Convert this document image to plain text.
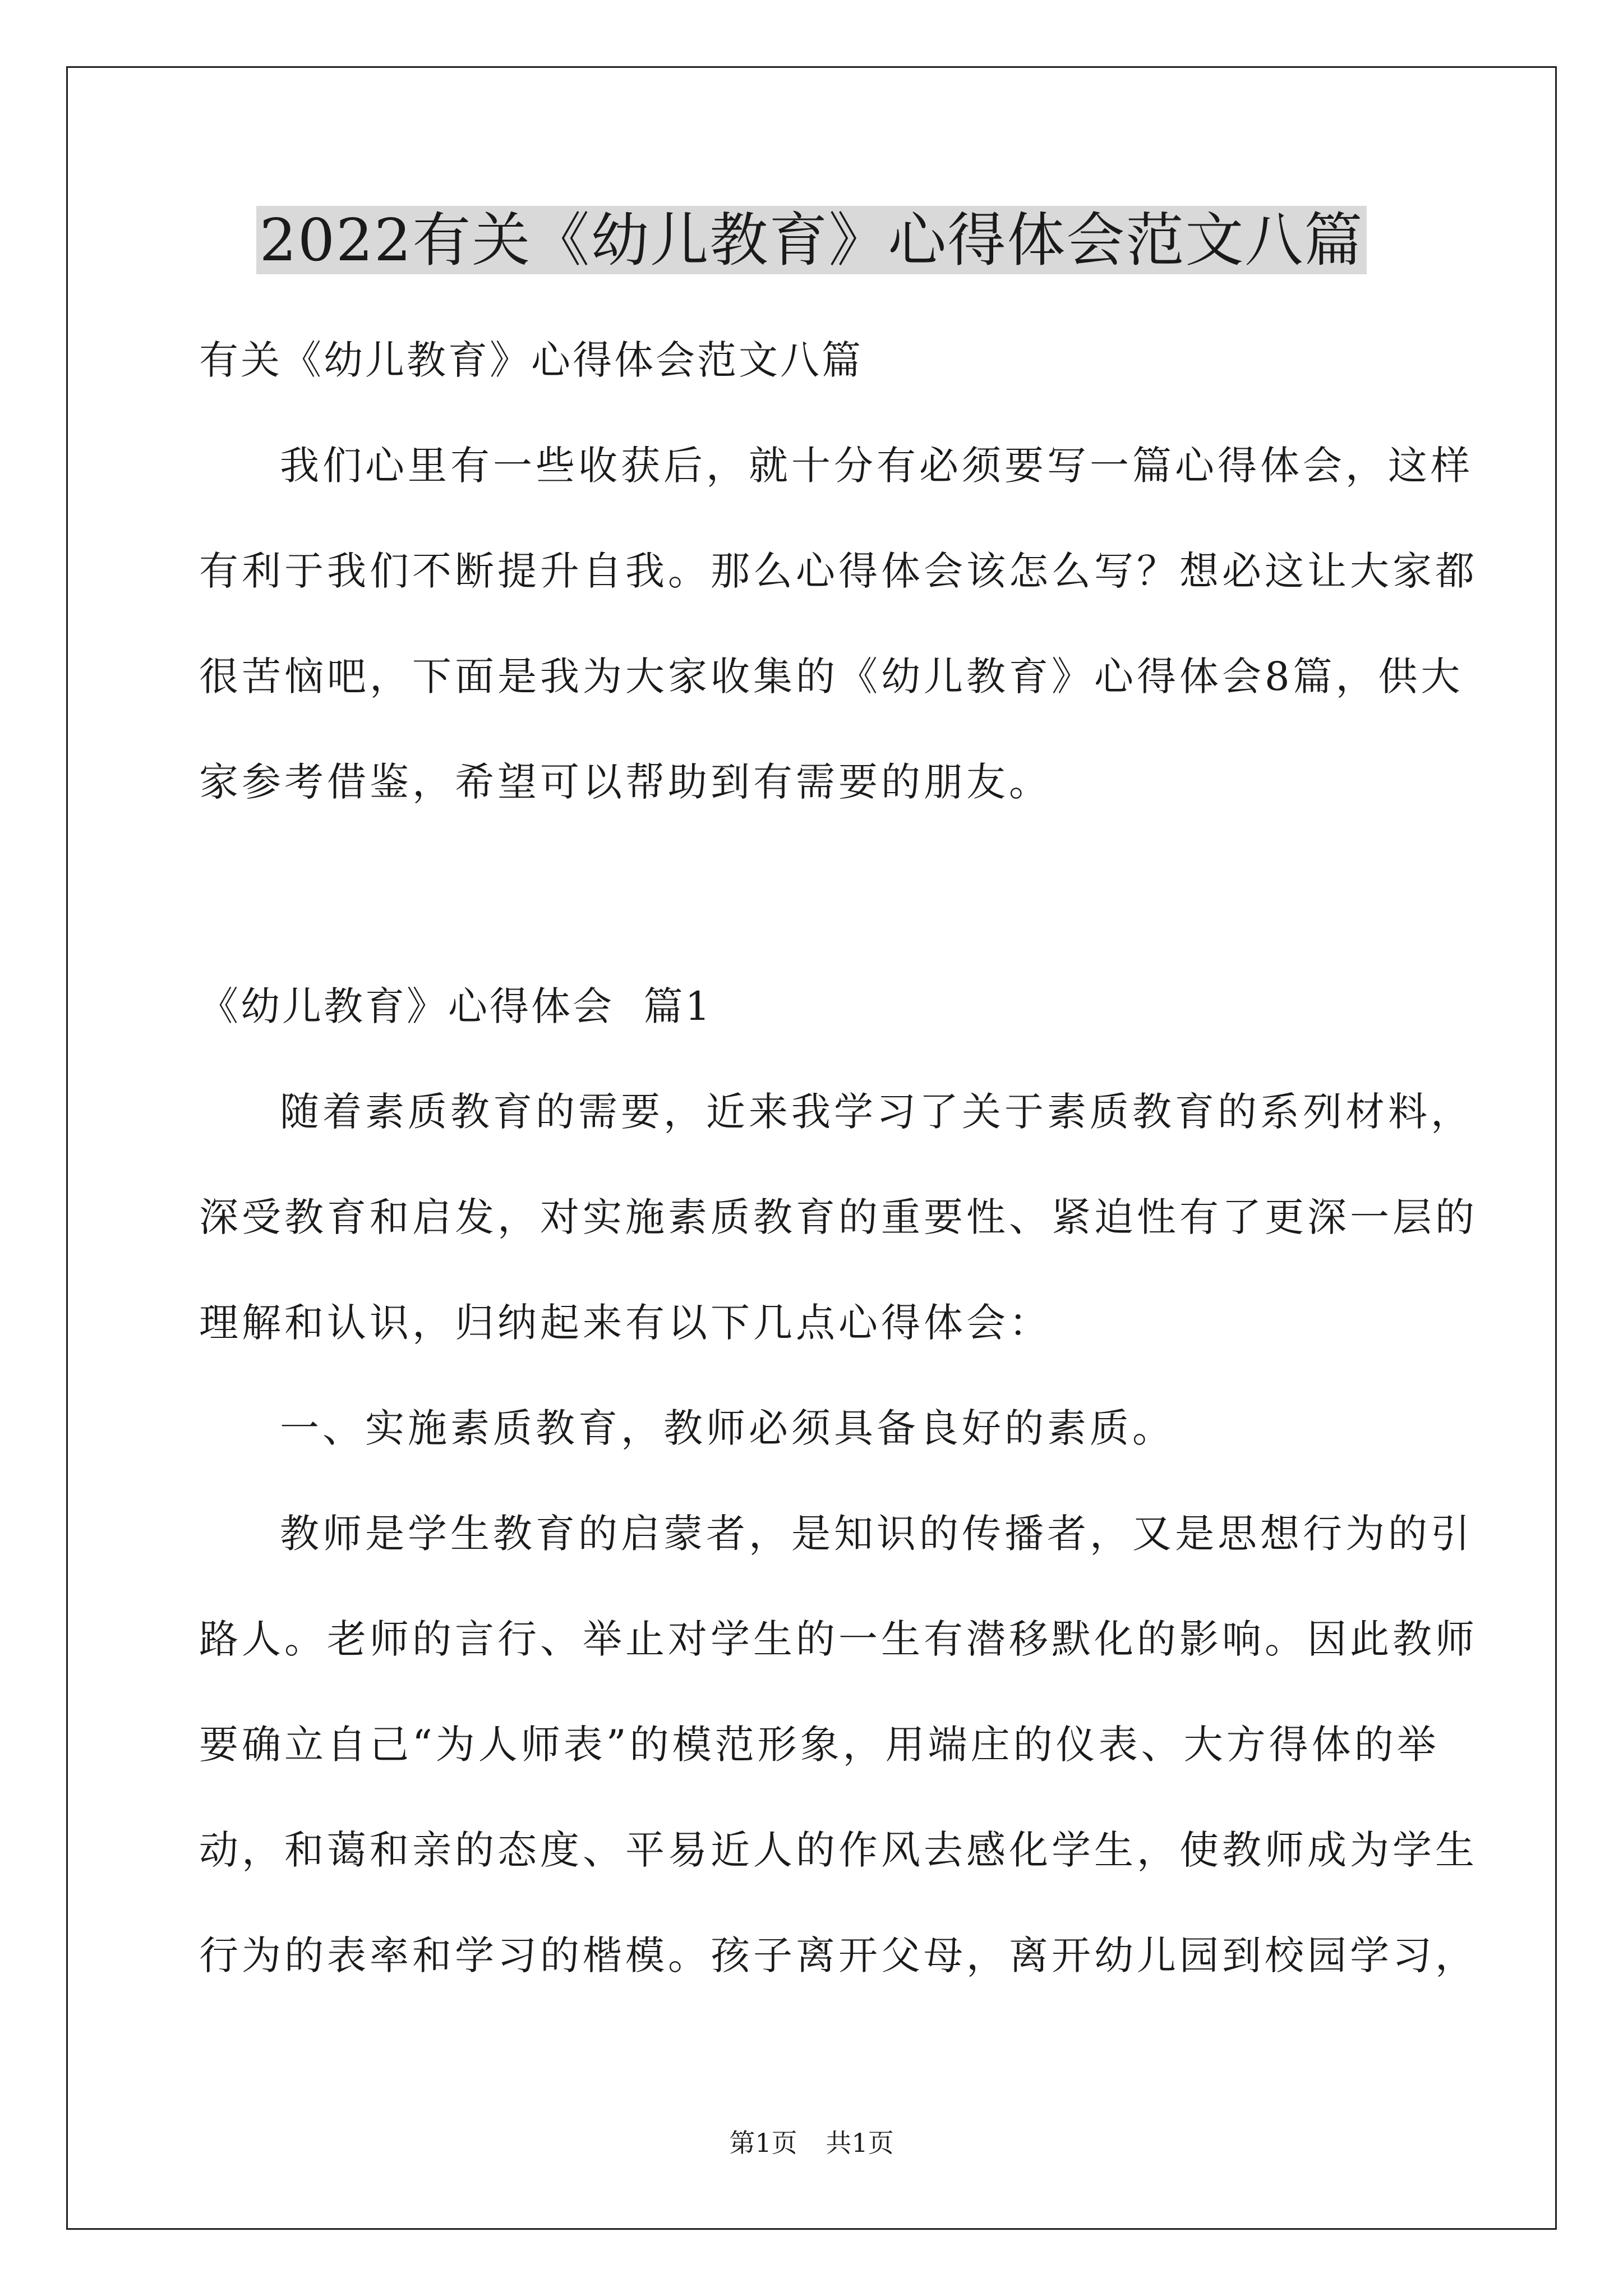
2022有关《幼儿教育》心得体会范文八篇
有关《幼儿教育》心得体会范文八篇
我们心里有一些收获后，就十分有必须要写一篇心得体会，这样
有利于我们不断提升自我。那么心得体会该怎么写？想必这让大家都
很苦恼吧，下面是我为大家收集的《幼儿教育》心得体会8篇，供大
家参考借鉴，希望可以帮助到有需要的朋友。
《幼儿教育》心得体会  篇1
随着素质教育的需要，近来我学习了关于素质教育的系列材料，
深受教育和启发，对实施素质教育的重要性、紧迫性有了更深一层的
理解和认识，归纳起来有以下几点心得体会：
一、实施素质教育，教师必须具备良好的素质。
教师是学生教育的启蒙者，是知识的传播者，又是思想行为的引
路人。老师的言行、举止对学生的一生有潜移默化的影响。因此教师
要确立自己“为人师表”的模范形象，用端庄的仪表、大方得体的举
动，和蔼和亲的态度、平易近人的作风去感化学生，使教师成为学生
行为的表率和学习的楷模。孩子离开父母，离开幼儿园到校园学习，
第1页 共1页
